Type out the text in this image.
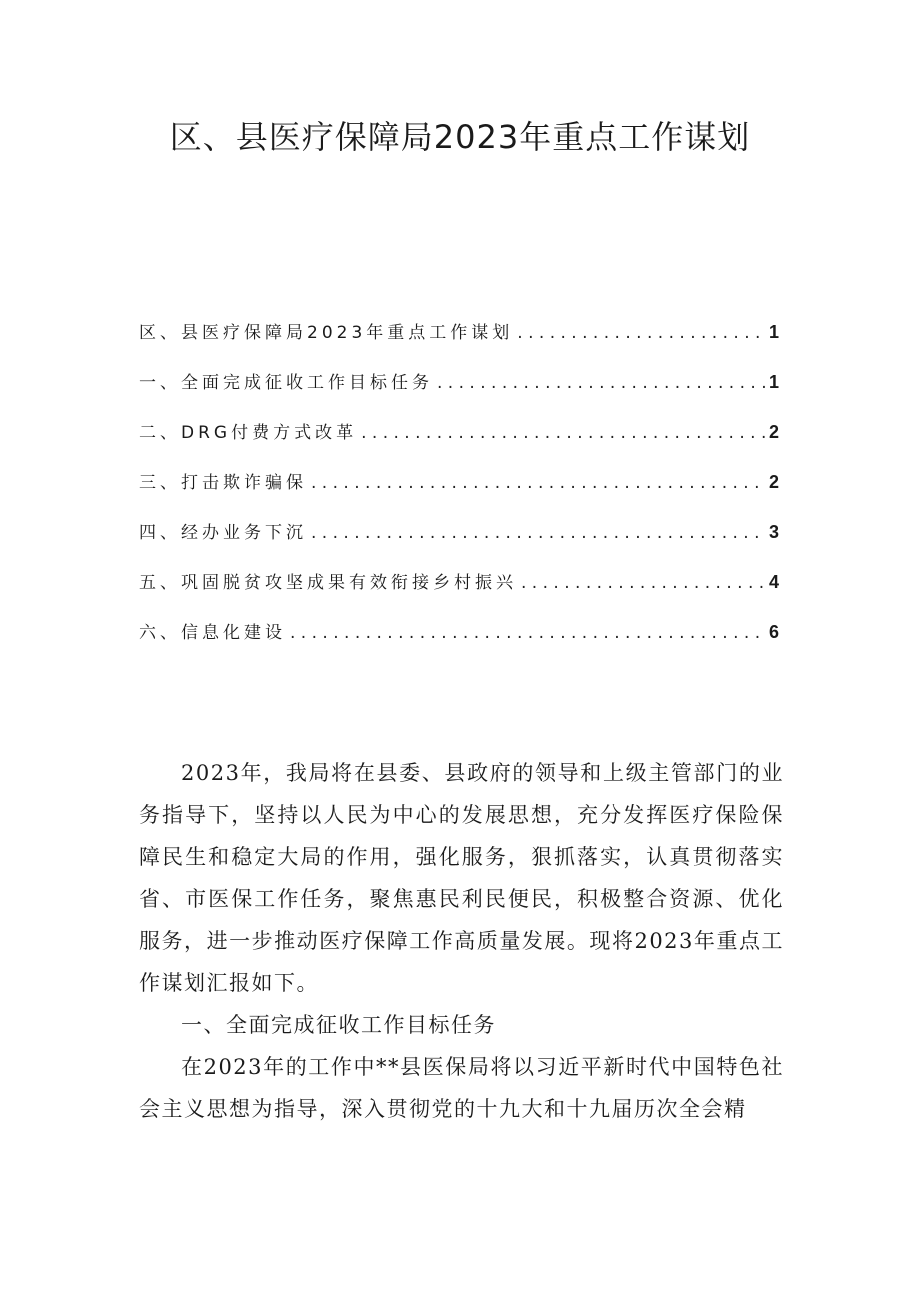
区、县医疗保障局2023年重点工作谋划
区、县医疗保障局2023年重点工作谋划 . . .	1
一、全面完成征收工作目标任务 . . .	1
二、DRG付费方式改革 . . .	2
三、打击欺诈骗保 . . .	2
四、经办业务下沉 . . .	3
五、巩固脱贫攻坚成果有效衔接乡村振兴 . . .	4
六、信息化建设 . . .	6

2023年，我局将在县委、县政府的领导和上级主管部门的业务指导下，坚持以人民为中心的发展思想，充分发挥医疗保险保障民生和稳定大局的作用，强化服务，狠抓落实，认真贯彻落实省、市医保工作任务，聚焦惠民利民便民，积极整合资源、优化服务，进一步推动医疗保障工作高质量发展。现将2023年重点工作谋划汇报如下。

一、全面完成征收工作目标任务

在2023年的工作中**县医保局将以习近平新时代中国特色社会主义思想为指导，深入贯彻党的十九大和十九届历次全会精
